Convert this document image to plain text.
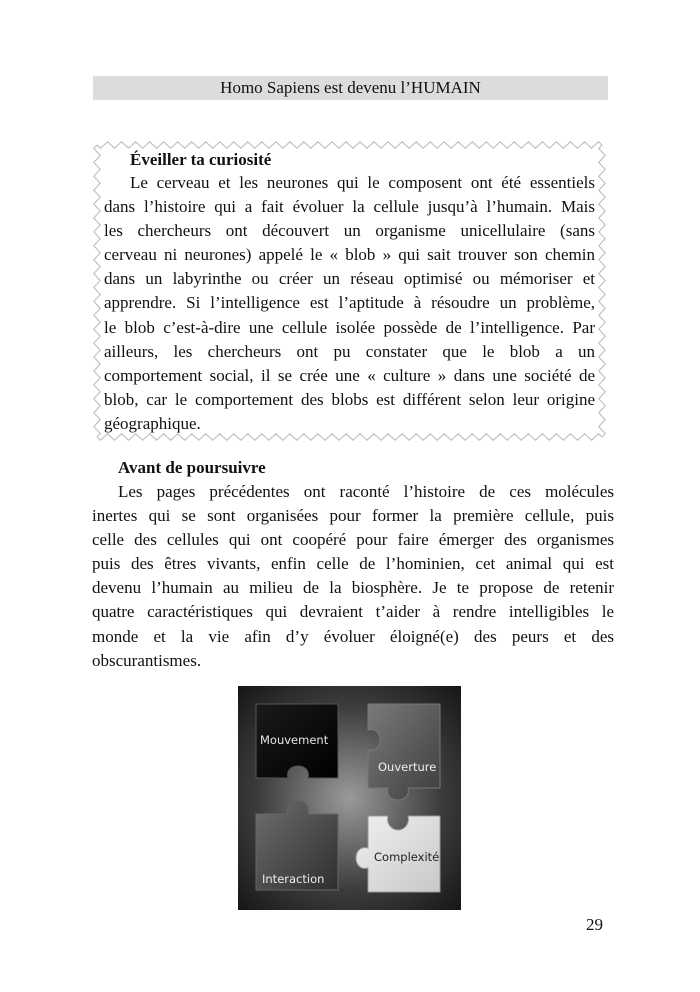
Homo Sapiens est devenu l’HUMAIN
Éveiller ta curiosité
Le cerveau et les neurones qui le composent ont été essentiels
dans l’histoire qui a fait évoluer la cellule jusqu’à l’humain. Mais
les chercheurs ont découvert un organisme unicellulaire (sans
cerveau ni neurones) appelé le « blob » qui sait trouver son chemin
dans un labyrinthe ou créer un réseau optimisé ou mémoriser et
apprendre. Si l’intelligence est l’aptitude à résoudre un problème,
le blob c’est-à-dire une cellule isolée possède de l’intelligence. Par
ailleurs, les chercheurs ont pu constater que le blob a un
comportement social, il se crée une « culture » dans une société de
blob, car le comportement des blobs est différent selon leur origine
géographique.
Avant de poursuivre
Les pages précédentes ont raconté l’histoire de ces molécules
inertes qui se sont organisées pour former la première cellule, puis
celle des cellules qui ont coopéré pour faire émerger des organismes
puis des êtres vivants, enfin celle de l’hominien, cet animal qui est
devenu l’humain au milieu de la biosphère. Je te propose de retenir
quatre caractéristiques qui devraient t’aider à rendre intelligibles le
monde et la vie afin d’y évoluer éloigné(e) des peurs et des
obscurantismes.
Mouvement
Ouverture
Interaction
Complexité
29
